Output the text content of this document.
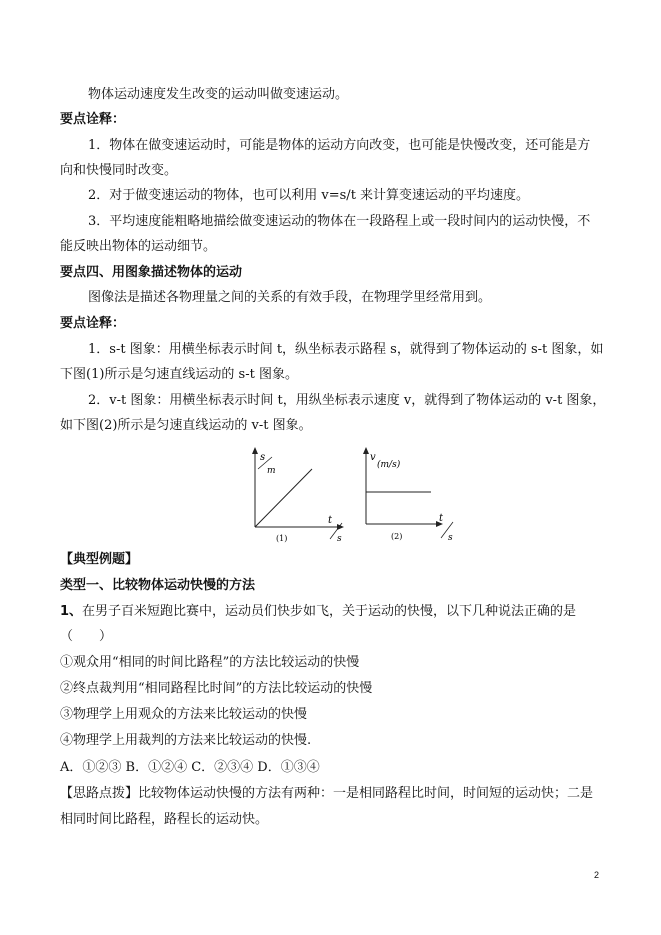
物体运动速度发生改变的运动叫做变速运动。
要点诠释：
1．物体在做变速运动时，可能是物体的运动方向改变，也可能是快慢改变，还可能是方
向和快慢同时改变。
2．对于做变速运动的物体，也可以利用 v=s/t 来计算变速运动的平均速度。
3．平均速度能粗略地描绘做变速运动的物体在一段路程上或一段时间内的运动快慢，不
能反映出物体的运动细节。
要点四、用图象描述物体的运动
图像法是描述各物理量之间的关系的有效手段，在物理学里经常用到。
要点诠释：
1．s-t 图象：用横坐标表示时间 t，纵坐标表示路程 s，就得到了物体运动的 s-t 图象，如
下图(1)所示是匀速直线运动的 s-t 图象。
2．v-t 图象：用横坐标表示时间 t，用纵坐标表示速度 v，就得到了物体运动的 v-t 图象，
如下图(2)所示是匀速直线运动的 v-t 图象。
s
m
t
s
(1)
v
(m/s)
t
s
(2)
【典型例题】
类型一、比较物体运动快慢的方法
1、在男子百米短跑比赛中，运动员们快步如飞，关于运动的快慢，以下几种说法正确的是
（　　）
①观众用“相同的时间比路程”的方法比较运动的快慢
②终点裁判用“相同路程比时间”的方法比较运动的快慢
③物理学上用观众的方法来比较运动的快慢
④物理学上用裁判的方法来比较运动的快慢.
A．①②③ B．①②④ C．②③④ D．①③④
【思路点拨】比较物体运动快慢的方法有两种：一是相同路程比时间，时间短的运动快；二是
相同时间比路程，路程长的运动快。
2
